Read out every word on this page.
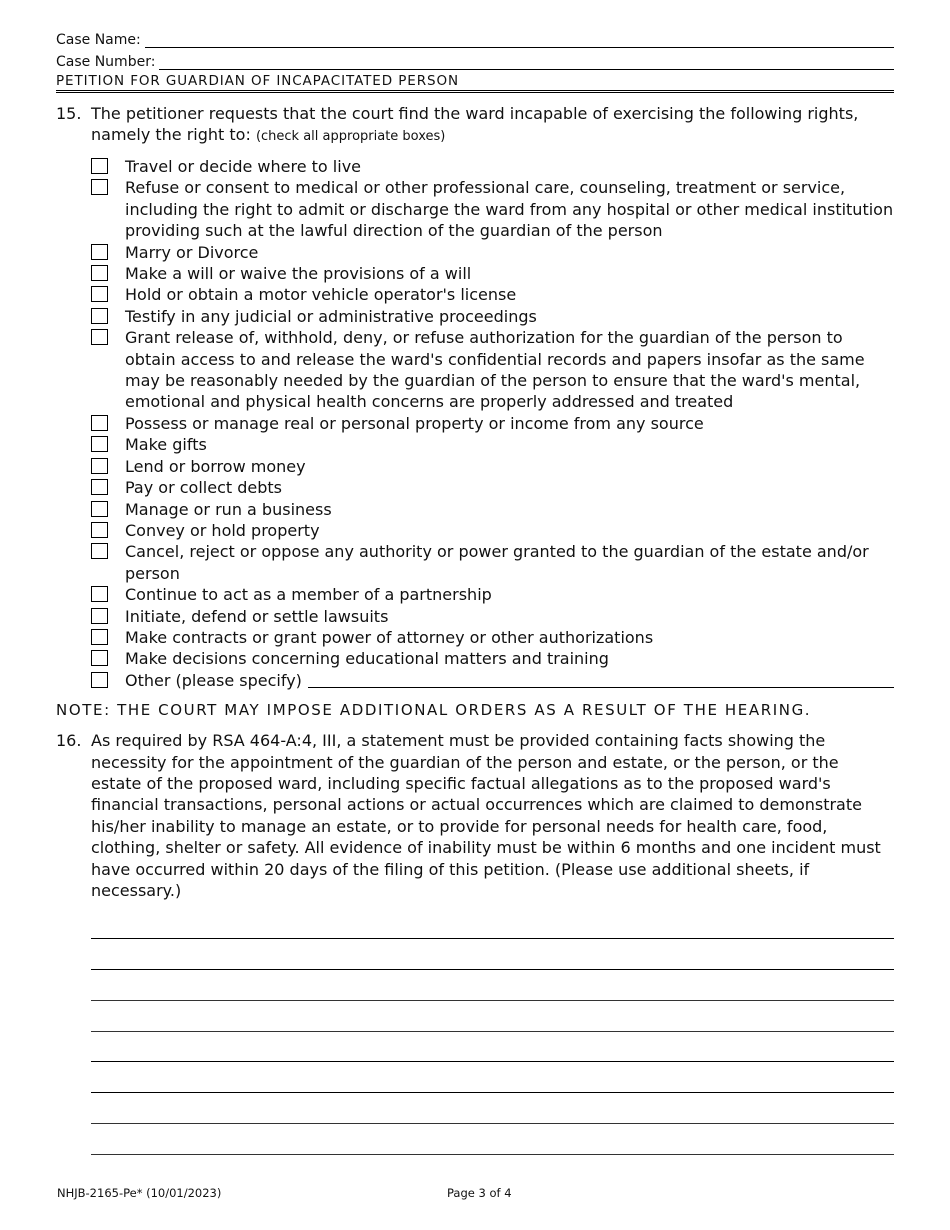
Case Name:
Case Number:
PETITION FOR GUARDIAN OF INCAPACITATED PERSON
15. The petitioner requests that the court find the ward incapable of exercising the following rights, namely the right to: (check all appropriate boxes)
Travel or decide where to live
Refuse or consent to medical or other professional care, counseling, treatment or service, including the right to admit or discharge the ward from any hospital or other medical institution providing such at the lawful direction of the guardian of the person
Marry or Divorce
Make a will or waive the provisions of a will
Hold or obtain a motor vehicle operator's license
Testify in any judicial or administrative proceedings
Grant release of, withhold, deny, or refuse authorization for the guardian of the person to obtain access to and release the ward's confidential records and papers insofar as the same may be reasonably needed by the guardian of the person to ensure that the ward's mental, emotional and physical health concerns are properly addressed and treated
Possess or manage real or personal property or income from any source
Make gifts
Lend or borrow money
Pay or collect debts
Manage or run a business
Convey or hold property
Cancel, reject or oppose any authority or power granted to the guardian of the estate and/or person
Continue to act as a member of a partnership
Initiate, defend or settle lawsuits
Make contracts or grant power of attorney or other authorizations
Make decisions concerning educational matters and training
Other (please specify)
NOTE: THE COURT MAY IMPOSE ADDITIONAL ORDERS AS A RESULT OF THE HEARING.
16. As required by RSA 464-A:4, III, a statement must be provided containing facts showing the necessity for the appointment of the guardian of the person and estate, or the person, or the estate of the proposed ward, including specific factual allegations as to the proposed ward's financial transactions, personal actions or actual occurrences which are claimed to demonstrate his/her inability to manage an estate, or to provide for personal needs for health care, food, clothing, shelter or safety. All evidence of inability must be within 6 months and one incident must have occurred within 20 days of the filing of this petition. (Please use additional sheets, if necessary.)
NHJB-2165-Pe* (10/01/2023)	Page 3 of 4
